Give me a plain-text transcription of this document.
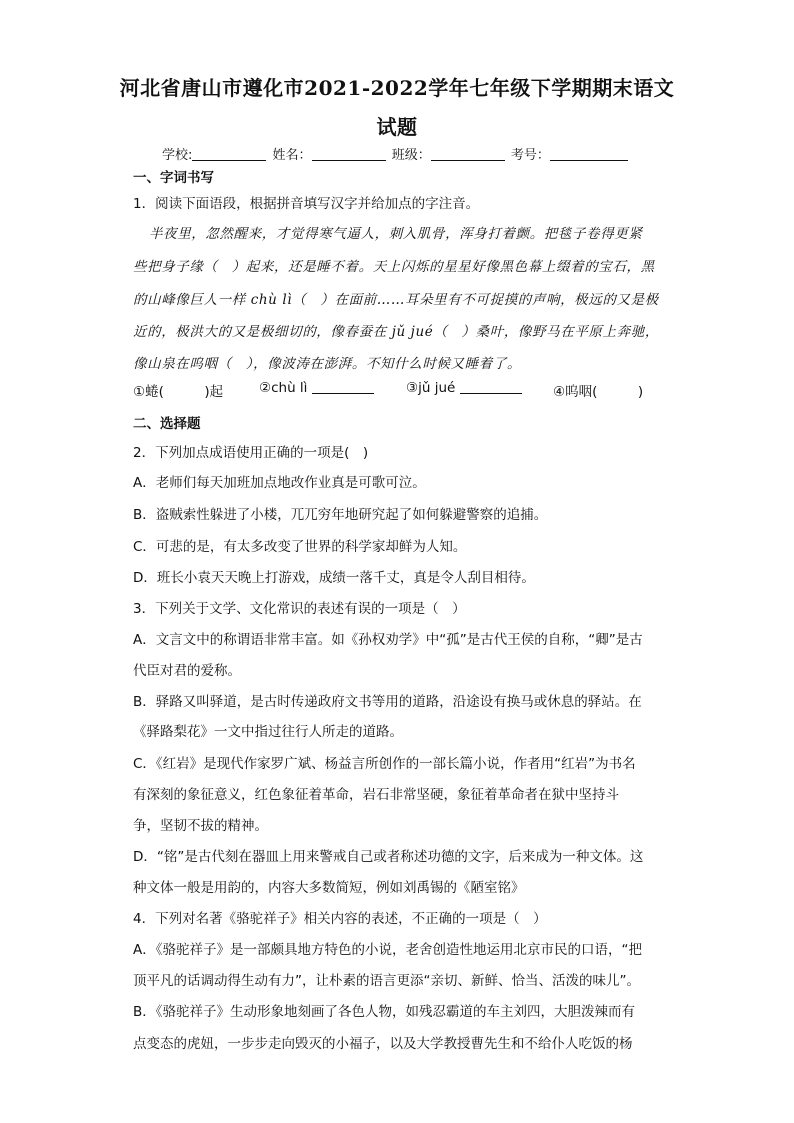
河北省唐山市遵化市2021-2022学年七年级下学期期末语文
试题
学校:	姓名：	班级：	考号：
一、字词书写
1．阅读下面语段，根据拼音填写汉字并给加点的字注音。
半夜里，忽然醒来，才觉得寒气逼人，刺入肌骨，浑身打着颤。把毯子卷得更紧
些把身子缘（　）起来，还是睡不着。天上闪烁的星星好像黑色幕上缀着的宝石，黑
的山峰像巨人一样 chù lì（　）在面前……耳朵里有不可捉摸的声响，极远的又是极
近的，极洪大的又是极细切的，像春蚕在 jǔ jué（　）桑叶，像野马在平原上奔驰，
像山泉在呜咽（　），像波涛在澎湃。不知什么时候又睡着了。
①蜷(　　　)起	②chù lì	③jǔ jué	④呜咽(　　　)
二、选择题
2．下列加点成语使用正确的一项是(　)
A．老师们每天加班加点地改作业真是可歌可泣。
B．盗贼索性躲进了小楼，兀兀穷年地研究起了如何躲避警察的追捕。
C．可悲的是，有太多改变了世界的科学家却鲜为人知。
D．班长小袁天天晚上打游戏，成绩一落千丈，真是令人刮目相待。
3．下列关于文学、文化常识的表述有误的一项是（　）
A．文言文中的称谓语非常丰富。如《孙权劝学》中“孤”是古代王侯的自称，“卿”是古
代臣对君的爱称。
B．驿路又叫驿道，是古时传递政府文书等用的道路，沿途设有换马或休息的驿站。在
《驿路梨花》一文中指过往行人所走的道路。
C．《红岩》是现代作家罗广斌、杨益言所创作的一部长篇小说，作者用“红岩”为书名
有深刻的象征意义，红色象征着革命，岩石非常坚硬，象征着革命者在狱中坚持斗
争，坚韧不拔的精神。
D．“铭”是古代刻在器皿上用来警戒自己或者称述功德的文字，后来成为一种文体。这
种文体一般是用韵的，内容大多数简短，例如刘禹锡的《陋室铭》
4．下列对名著《骆驼祥子》相关内容的表述，不正确的一项是（　）
A．《骆驼祥子》是一部颇具地方特色的小说，老舍创造性地运用北京市民的口语，“把
顶平凡的话调动得生动有力”，让朴素的语言更添“亲切、新鲜、恰当、活泼的味儿”。
B．《骆驼祥子》生动形象地刻画了各色人物，如残忍霸道的车主刘四，大胆泼辣而有
点变态的虎妞，一步步走向毁灭的小福子，以及大学教授曹先生和不给仆人吃饭的杨
